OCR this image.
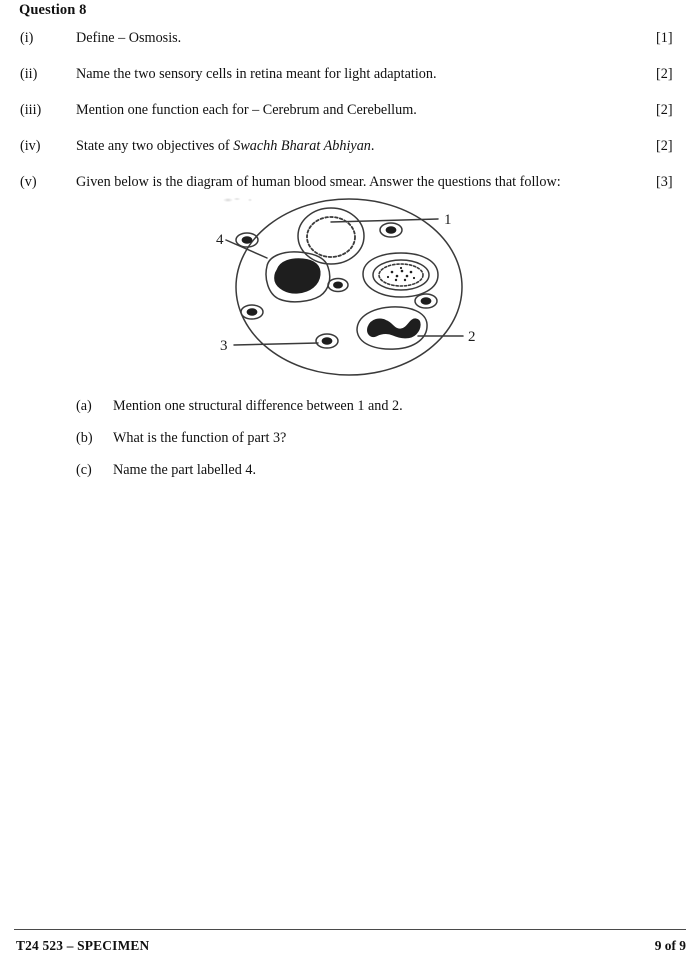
Question 8
(i)	Define – Osmosis.	[1]
(ii)	Name the two sensory cells in retina meant for light adaptation.	[2]
(iii)	Mention one function each for – Cerebrum and Cerebellum.	[2]
(iv)	State any two objectives of Swachh Bharat Abhiyan.	[2]
(v)	Given below is the diagram of human blood smear. Answer the questions that follow:	[3]
1
2
3
4
(a)	Mention one structural difference between 1 and 2.
(b)	What is the function of part 3?
(c)	Name the part labelled 4.
T24 523 – SPECIMEN	9 of 9
